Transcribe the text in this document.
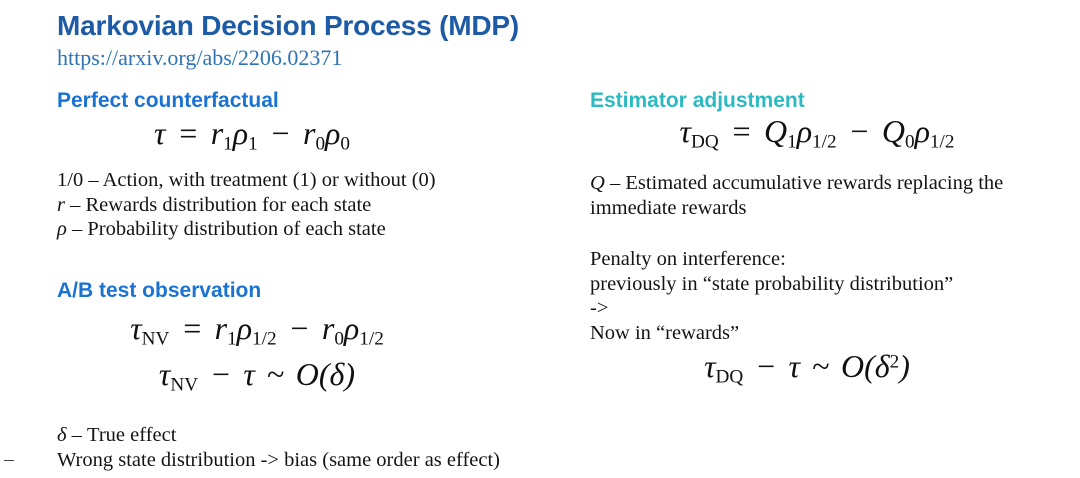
Markovian Decision Process (MDP)
https://arxiv.org/abs/2206.02371
Perfect counterfactual
$\tau = r_1\rho_1 - r_0\rho_0$
1/0 – Action, with treatment (1) or without (0)
r – Rewards distribution for each state
ρ – Probability distribution of each state
A/B test observation
$\tau_{NV} = r_1\rho_{1/2} - r_0\rho_{1/2}$
$\tau_{NV} - \tau$ ~ O(δ)
δ – True effect
Wrong state distribution -> bias (same order as effect)
Estimator adjustment
$\tau_{DQ} = Q_1\rho_{1/2} - Q_0\rho_{1/2}$
Q – Estimated accumulative rewards replacing the immediate rewards
Penalty on interference:
previously in “state probability distribution”
->
Now in “rewards”
$\tau_{DQ} - \tau$ ~ $O(\delta^2)$
–
